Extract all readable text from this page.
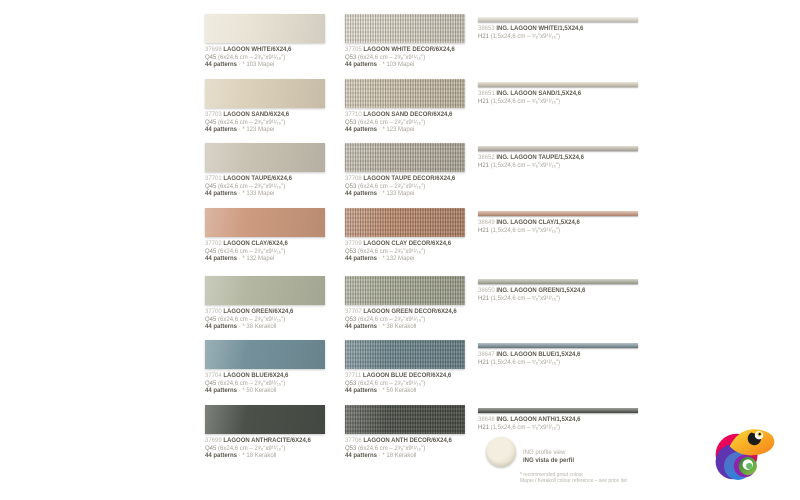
37698 LAGOON WHITE/6X24,6
Q45 (6x24,6 cm – 2³⁄₈″x9¹¹⁄₁₆″)
44 patterns · * 103 Mapei
37705 LAGOON WHITE DECOR/6X24,6
Q53 (6x24,6 cm – 2³⁄₈″x9¹¹⁄₁₆″)
44 patterns · * 103 Mapei
38653 ING. LAGOON WHITE/1,5X24,6
H21 (1,5x24,6 cm – ⁵⁄₈″x9¹¹⁄₁₆″)
37703 LAGOON SAND/6X24,6
Q45 (6x24,6 cm – 2³⁄₈″x9¹¹⁄₁₆″)
44 patterns · * 123 Mapei
37710 LAGOON SAND DECOR/6X24,6
Q53 (6x24,6 cm – 2³⁄₈″x9¹¹⁄₁₆″)
44 patterns · * 123 Mapei
38651 ING. LAGOON SAND/1,5X24,6
H21 (1,5x24,6 cm – ⁵⁄₈″x9¹¹⁄₁₆″)
37701 LAGOON TAUPE/6X24,6
Q45 (6x24,6 cm – 2³⁄₈″x9¹¹⁄₁₆″)
44 patterns · * 133 Mapei
37708 LAGOON TAUPE DECOR/6X24,6
Q53 (6x24,6 cm – 2³⁄₈″x9¹¹⁄₁₆″)
44 patterns · * 133 Mapei
38652 ING. LAGOON TAUPE/1,5X24,6
H21 (1,5x24,6 cm – ⁵⁄₈″x9¹¹⁄₁₆″)
37702 LAGOON CLAY/6X24,6
Q45 (6x24,6 cm – 2³⁄₈″x9¹¹⁄₁₆″)
44 patterns · * 132 Mapei
37709 LAGOON CLAY DECOR/6X24,6
Q53 (6x24,6 cm – 2³⁄₈″x9¹¹⁄₁₆″)
44 patterns · * 132 Mapei
38649 ING. LAGOON CLAY/1,5X24,6
H21 (1,5x24,6 cm – ⁵⁄₈″x9¹¹⁄₁₆″)
37700 LAGOON GREEN/6X24,6
Q45 (6x24,6 cm – 2³⁄₈″x9¹¹⁄₁₆″)
44 patterns · * 38 Kerakoll
37707 LAGOON GREEN DECOR/6X24,6
Q53 (6x24,6 cm – 2³⁄₈″x9¹¹⁄₁₆″)
44 patterns · * 38 Kerakoll
38650 ING. LAGOON GREEN/1,5X24,6
H21 (1,5x24,6 cm – ⁵⁄₈″x9¹¹⁄₁₆″)
37704 LAGOON BLUE/6X24,6
Q45 (6x24,6 cm – 2³⁄₈″x9¹¹⁄₁₆″)
44 patterns · * 50 Kerakoll
37711 LAGOON BLUE DECOR/6X24,6
Q53 (6x24,6 cm – 2³⁄₈″x9¹¹⁄₁₆″)
44 patterns · * 50 Kerakoll
38647 ING. LAGOON BLUE/1,5X24,6
H21 (1,5x24,6 cm – ⁵⁄₈″x9¹¹⁄₁₆″)
37699 LAGOON ANTHRACITE/6X24,6
Q45 (6x24,6 cm – 2³⁄₈″x9¹¹⁄₁₆″)
44 patterns · * 18 Kerakoll
37706 LAGOON ANTH DECOR/6X24,6
Q53 (6x24,6 cm – 2³⁄₈″x9¹¹⁄₁₆″)
44 patterns · * 18 Kerakoll
38648 ING. LAGOON ANTH/1,5X24,6
H21 (1,5x24,6 cm – ⁵⁄₈″x9¹¹⁄₁₆″)
ING profile view
ING vista de perfil
* recommended grout colour
Mapei / Kerakoll colour reference – see price list
